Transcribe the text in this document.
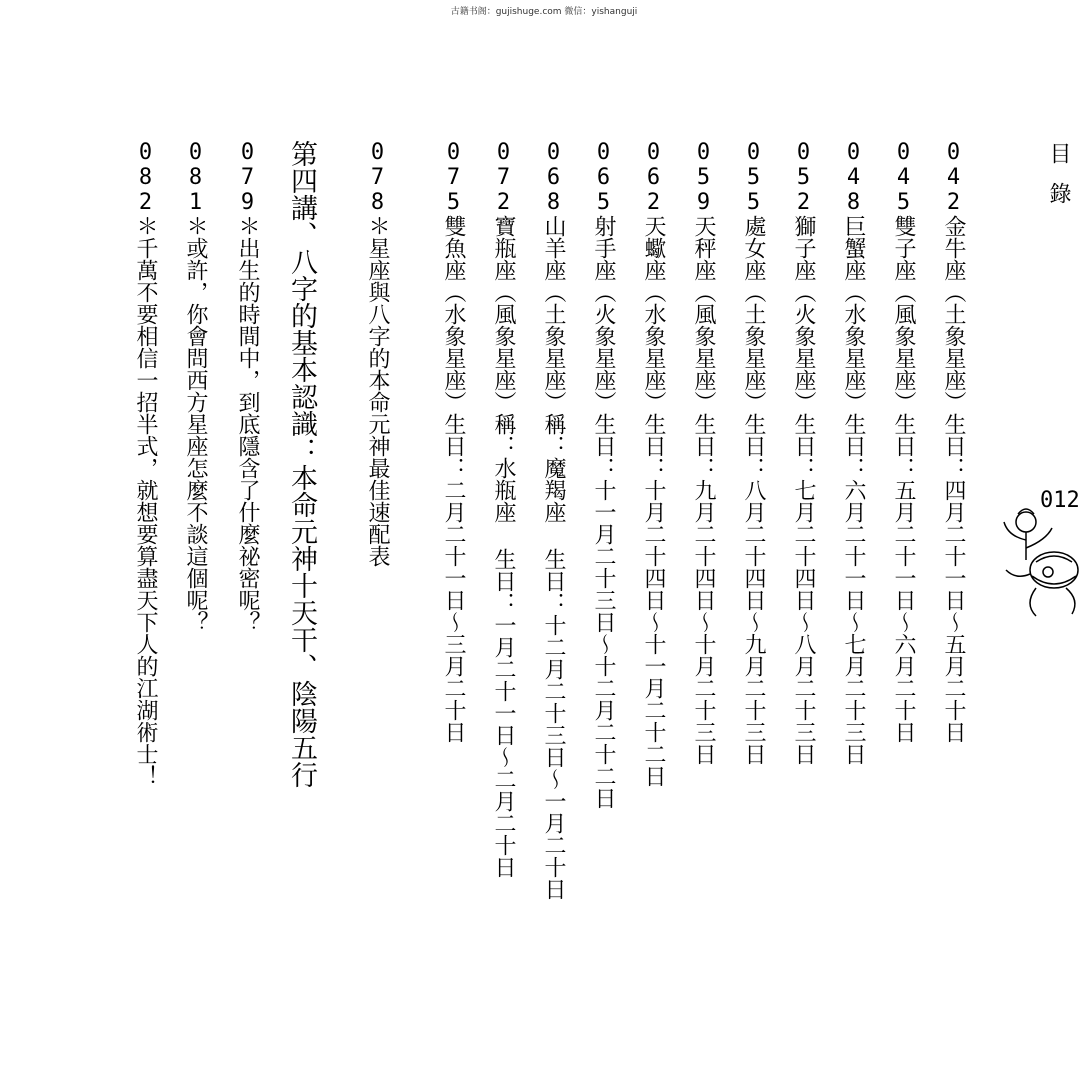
古籍书阁：gujishuge.com 微信：yishanguji
目錄
012
042金牛座（土象星座）生日：四月二十一日～五月二十日
045雙子座（風象星座）生日：五月二十一日～六月二十日
048巨蟹座（水象星座）生日：六月二十一日～七月二十三日
052獅子座（火象星座）生日：七月二十四日～八月二十三日
055處女座（土象星座）生日：八月二十四日～九月二十三日
059天秤座（風象星座）生日：九月二十四日～十月二十三日
062天蠍座（水象星座）生日：十月二十四日～十一月二十二日
065射手座（火象星座）生日：十一月二十三日～十二月二十二日
068山羊座（土象星座）稱：魔羯座 生日：十二月二十三日～一月二十日
072寶瓶座（風象星座）稱：水瓶座 生日：一月二十一日～二月二十日
075雙魚座（水象星座）生日：二月二十一日～三月二十日
078＊星座與八字的本命元神最佳速配表
第四講、八字的基本認識：本命元神十天干、陰陽五行
079＊出生的時間中，到底隱含了什麼祕密呢？
081＊或許，你會問西方星座怎麼不談這個呢？
082＊千萬不要相信一招半式，就想要算盡天下人的江湖術士！
